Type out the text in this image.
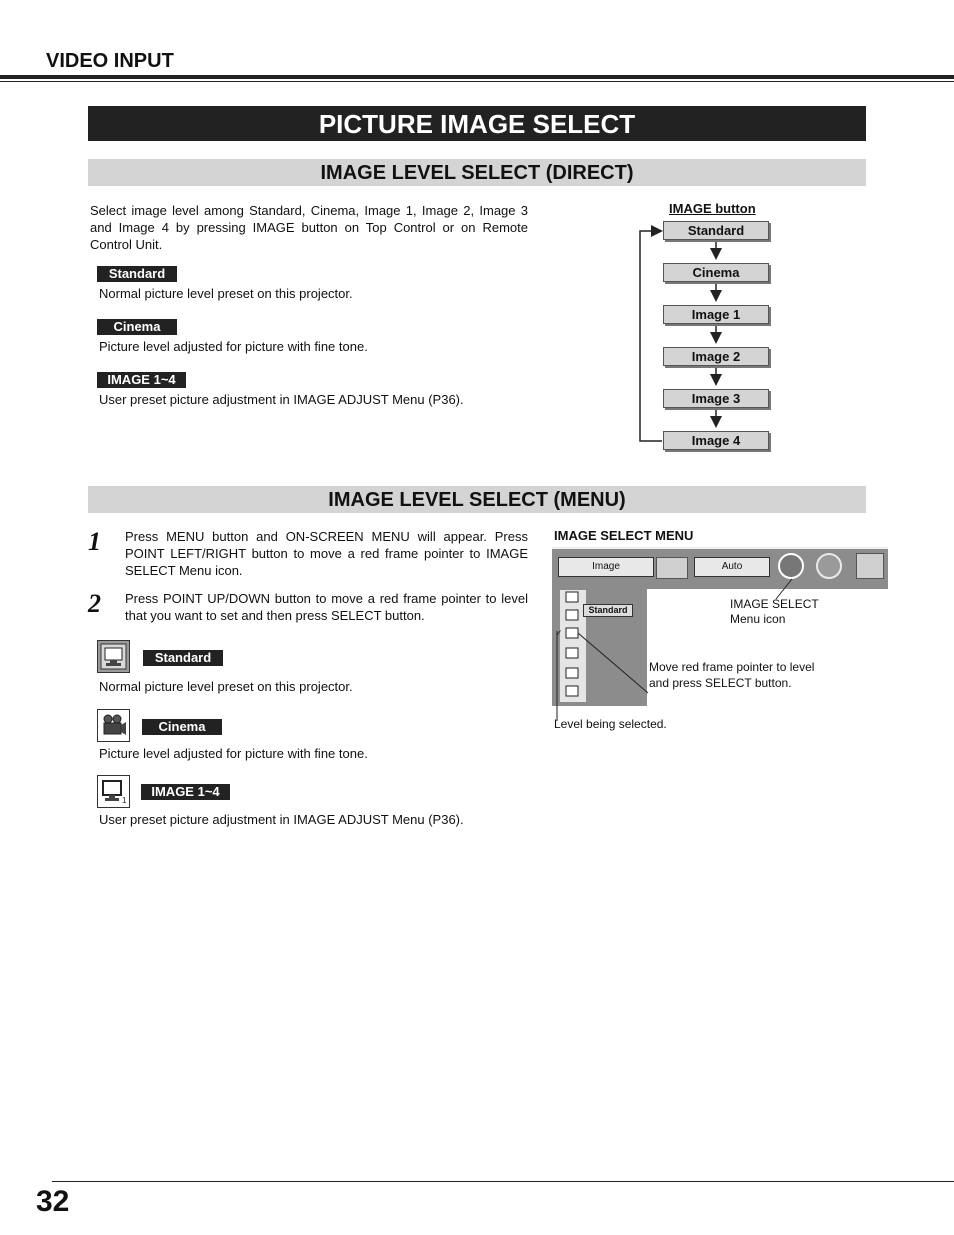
VIDEO INPUT
PICTURE IMAGE SELECT
IMAGE LEVEL SELECT (DIRECT)
Select image level among Standard, Cinema, Image 1, Image 2, Image 3 and Image 4 by pressing IMAGE button on Top Control or on Remote Control Unit.
Standard
Normal picture level preset on this projector.
Cinema
Picture level adjusted for picture with fine tone.
IMAGE 1~4
User preset picture adjustment in IMAGE ADJUST Menu (P36).
IMAGE button
Standard
Cinema
Image 1
Image 2
Image 3
Image 4
IMAGE LEVEL SELECT (MENU)
1 Press MENU button and ON-SCREEN MENU will appear. Press POINT LEFT/RIGHT button to move a red frame pointer to IMAGE SELECT Menu icon.
2 Press POINT UP/DOWN button to move a red frame pointer to level that you want to set and then press SELECT button.
Standard
Normal picture level preset on this projector.
Cinema
Picture level adjusted for picture with fine tone.
1
IMAGE 1~4
User preset picture adjustment in IMAGE ADJUST Menu (P36).
IMAGE SELECT MENU
Image	Auto
Standard
✓
IMAGE SELECT
Menu icon
Move red frame pointer to level
and press SELECT button.
Level being selected.
32
